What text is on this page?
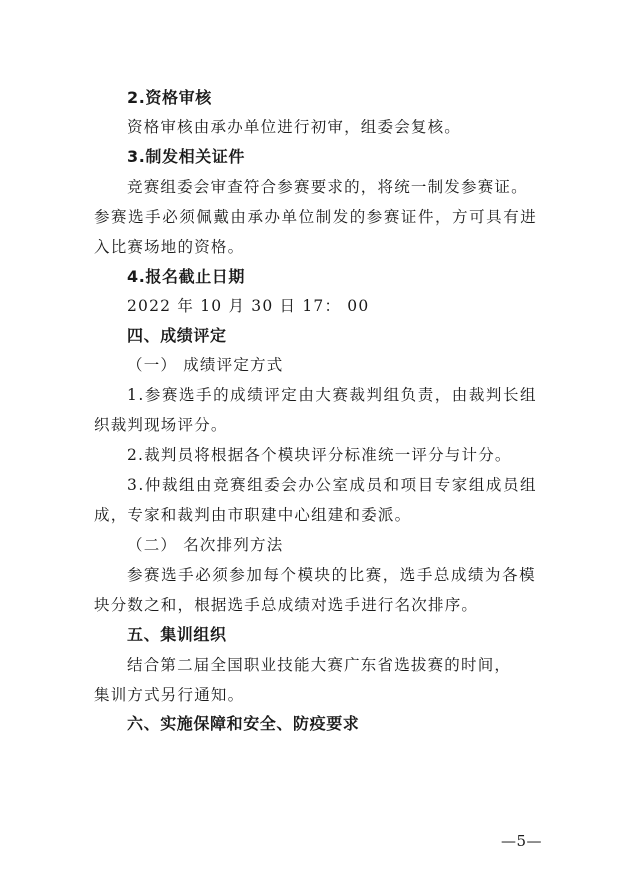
2.资格审核
资格审核由承办单位进行初审，组委会复核。
3.制发相关证件
竞赛组委会审查符合参赛要求的，将统一制发参赛证。
参赛选手必须佩戴由承办单位制发的参赛证件，方可具有进
入比赛场地的资格。
4.报名截止日期
2022 年 10 月 30 日 17： 00
四、成绩评定
（一） 成绩评定方式
1.参赛选手的成绩评定由大赛裁判组负责，由裁判长组
织裁判现场评分。
2.裁判员将根据各个模块评分标准统一评分与计分。
3.仲裁组由竞赛组委会办公室成员和项目专家组成员组
成，专家和裁判由市职建中心组建和委派。
（二） 名次排列方法
参赛选手必须参加每个模块的比赛，选手总成绩为各模
块分数之和，根据选手总成绩对选手进行名次排序。
五、集训组织
结合第二届全国职业技能大赛广东省选拔赛的时间，
集训方式另行通知。
六、实施保障和安全、防疫要求
—5—
